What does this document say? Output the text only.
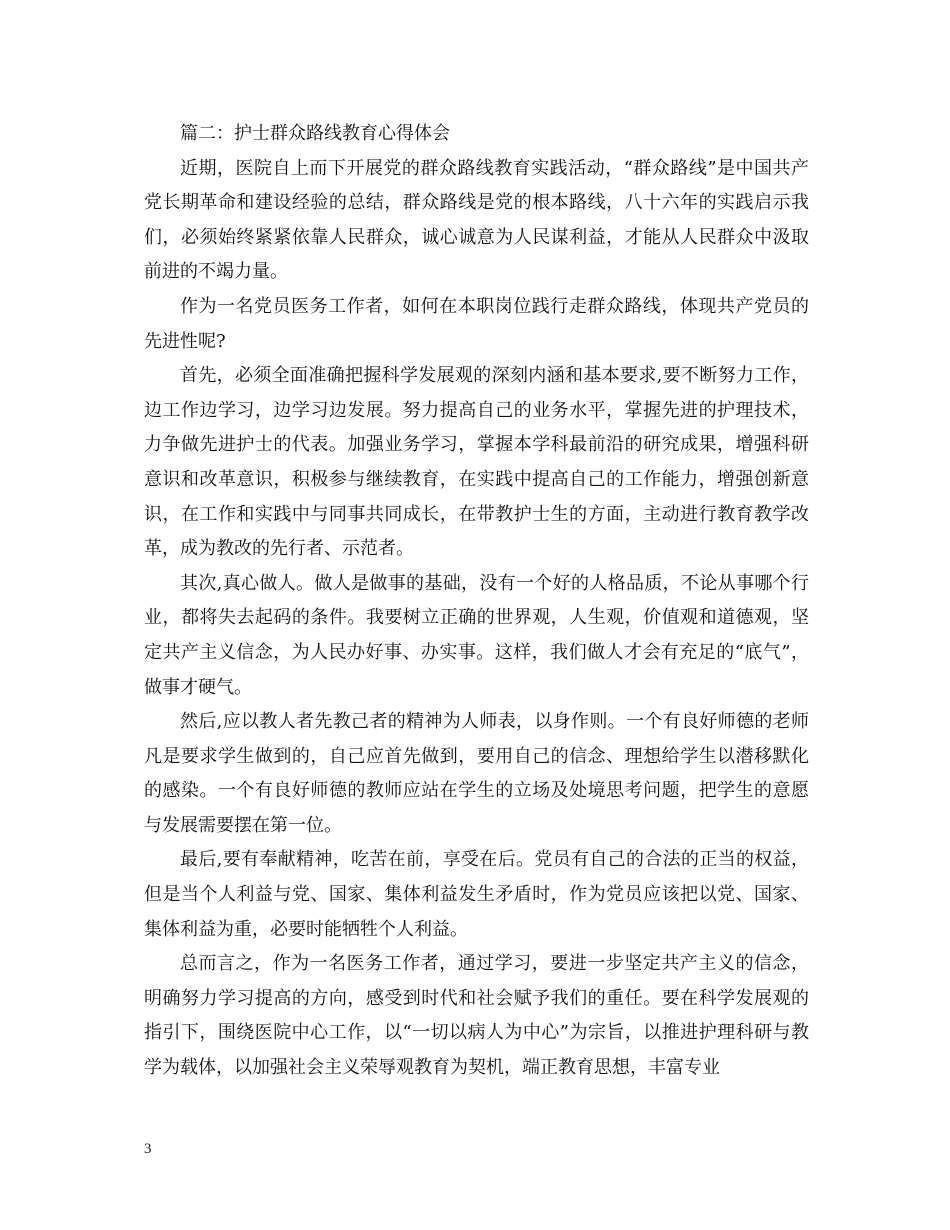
篇二：护士群众路线教育心得体会

近期，医院自上而下开展党的群众路线教育实践活动，“群众路线”是中国共产党长期革命和建设经验的总结，群众路线是党的根本路线，八十六年的实践启示我们，必须始终紧紧依靠人民群众，诚心诚意为人民谋利益，才能从人民群众中汲取前进的不竭力量。

作为一名党员医务工作者，如何在本职岗位践行走群众路线，体现共产党员的先进性呢?

首先，必须全面准确把握科学发展观的深刻内涵和基本要求,要不断努力工作，边工作边学习，边学习边发展。努力提高自己的业务水平，掌握先进的护理技术，力争做先进护士的代表。加强业务学习，掌握本学科最前沿的研究成果，增强科研意识和改革意识，积极参与继续教育，在实践中提高自己的工作能力，增强创新意识，在工作和实践中与同事共同成长，在带教护士生的方面，主动进行教育教学改革，成为教改的先行者、示范者。

其次,真心做人。做人是做事的基础，没有一个好的人格品质，不论从事哪个行业，都将失去起码的条件。我要树立正确的世界观，人生观，价值观和道德观，坚定共产主义信念，为人民办好事、办实事。这样，我们做人才会有充足的“底气”，做事才硬气。

然后,应以教人者先教己者的精神为人师表，以身作则。一个有良好师德的老师凡是要求学生做到的，自己应首先做到，要用自己的信念、理想给学生以潜移默化的感染。一个有良好师德的教师应站在学生的立场及处境思考问题，把学生的意愿与发展需要摆在第一位。

最后,要有奉献精神，吃苦在前，享受在后。党员有自己的合法的正当的权益，但是当个人利益与党、国家、集体利益发生矛盾时，作为党员应该把以党、国家、集体利益为重，必要时能牺牲个人利益。

总而言之，作为一名医务工作者，通过学习，要进一步坚定共产主义的信念，明确努力学习提高的方向，感受到时代和社会赋予我们的重任。要在科学发展观的指引下，围绕医院中心工作，以“一切以病人为中心”为宗旨，以推进护理科研与教学为载体，以加强社会主义荣辱观教育为契机，端正教育思想，丰富专业

3
